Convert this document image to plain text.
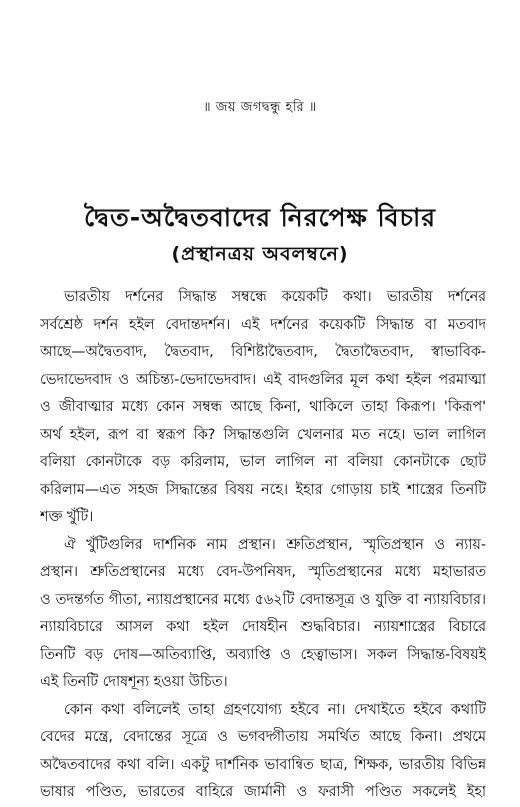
॥ জয় জগদ্বন্ধু হরি ॥
দ্বৈত-অদ্বৈতবাদের নিরপেক্ষ বিচার
(প্রস্থানত্রয় অবলম্বনে)
ভারতীয় দর্শনের সিদ্ধান্ত সম্বন্ধে কয়েকটি কথা। ভারতীয় দর্শনের
সর্বশ্রেষ্ঠ দর্শন হইল বেদান্তদর্শন। এই দর্শনের কয়েকটি সিদ্ধান্ত বা মতবাদ
আছে—অদ্বৈতবাদ, দ্বৈতবাদ, বিশিষ্টাদ্বৈতবাদ, দ্বৈতাদ্বৈতবাদ, স্বাভাবিক-
ভেদাভেদবাদ ও অচিন্ত্য-ভেদাভেদবাদ। এই বাদগুলির মূল কথা হইল পরমাত্মা
ও জীবাত্মার মধ্যে কোন সম্বন্ধ আছে কিনা, থাকিলে তাহা কিরূপ। 'কিরূপ'
অর্থ হইল, রূপ বা স্বরূপ কি? সিদ্ধান্তগুলি খেলনার মত নহে। ভাল লাগিল
বলিয়া কোনটাকে বড় করিলাম, ভাল লাগিল না বলিয়া কোনটাকে ছোট
করিলাম—এত সহজ সিদ্ধান্তের বিষয় নহে। ইহার গোড়ায় চাই শাস্ত্রের তিনটি
শক্ত খুঁটি।
ঐ খুঁটিগুলির দার্শনিক নাম প্রস্থান। শ্রুতিপ্রস্থান, স্মৃতিপ্রস্থান ও ন্যায়-
প্রস্থান। শ্রুতিপ্রস্থানের মধ্যে বেদ-উপনিষদ, স্মৃতিপ্রস্থানের মধ্যে মহাভারত
ও তদন্তর্গত গীতা, ন্যায়প্রস্থানের মধ্যে ৫৬২টি বেদান্তসূত্র ও যুক্তি বা ন্যায়বিচার।
ন্যায়বিচারে আসল কথা হইল দোষহীন শুদ্ধবিচার। ন্যায়শাস্ত্রের বিচারে
তিনটি বড় দোষ—অতিব্যাপ্তি, অব্যাপ্তি ও হেত্বাভাস। সকল সিদ্ধান্ত-বিষয়ই
এই তিনটি দোষশূন্য হওয়া উচিত।
কোন কথা বলিলেই তাহা গ্রহণযোগ্য হইবে না। দেখাইতে হইবে কথাটি
বেদের মন্ত্রে, বেদান্তের সূত্রে ও ভগবদ্গীতায় সমর্থিত আছে কিনা। প্রথমে
অদ্বৈতবাদের কথা বলি। একটু দার্শনিক ভাবান্বিত ছাত্র, শিক্ষক, ভারতীয় বিভিন্ন
ভাষার পণ্ডিত, ভারতের বাহিরে জার্মানী ও ফরাসী পণ্ডিত সকলেই ইহা
